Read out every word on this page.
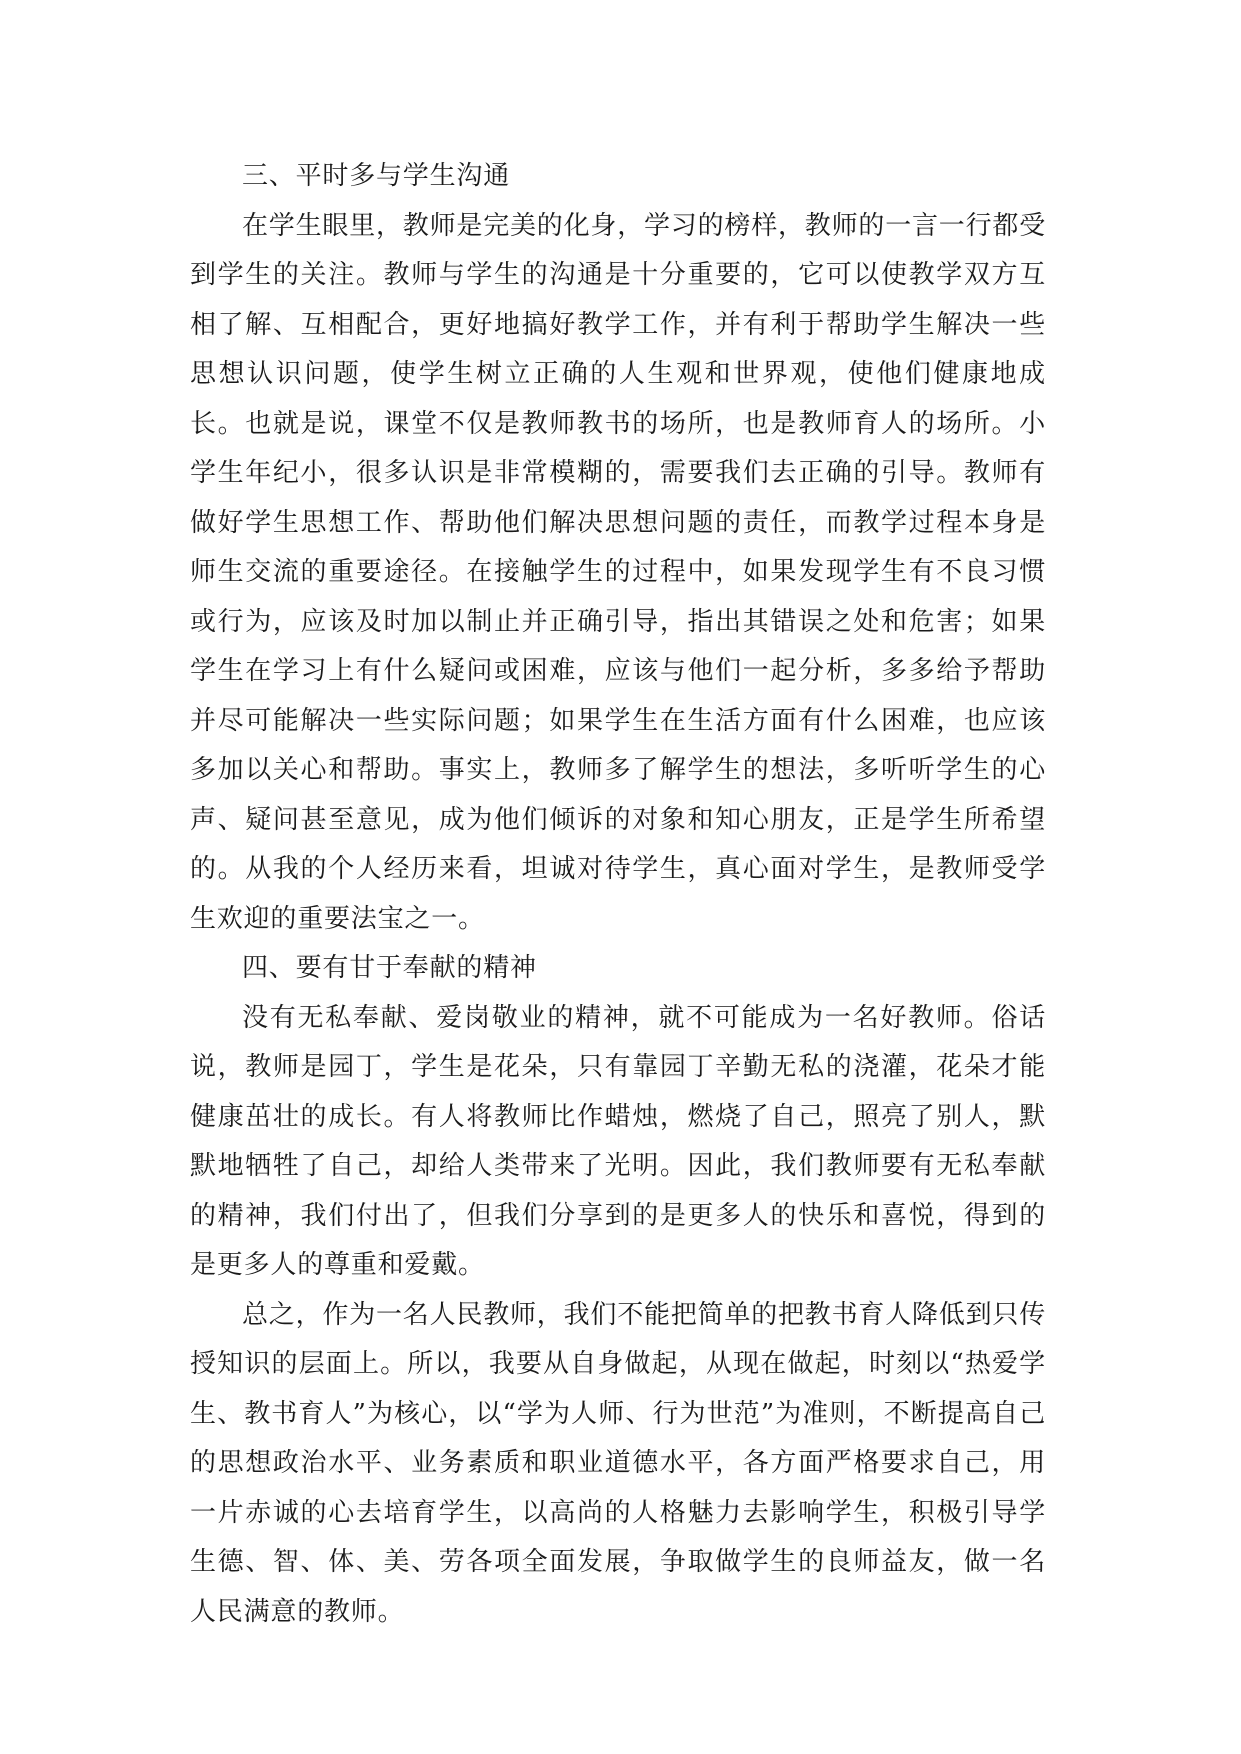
三、平时多与学生沟通

在学生眼里，教师是完美的化身，学习的榜样，教师的一言一行都受到学生的关注。教师与学生的沟通是十分重要的，它可以使教学双方互相了解、互相配合，更好地搞好教学工作，并有利于帮助学生解决一些思想认识问题，使学生树立正确的人生观和世界观，使他们健康地成长。也就是说，课堂不仅是教师教书的场所，也是教师育人的场所。小学生年纪小，很多认识是非常模糊的，需要我们去正确的引导。教师有做好学生思想工作、帮助他们解决思想问题的责任，而教学过程本身是师生交流的重要途径。在接触学生的过程中，如果发现学生有不良习惯或行为，应该及时加以制止并正确引导，指出其错误之处和危害；如果学生在学习上有什么疑问或困难，应该与他们一起分析，多多给予帮助并尽可能解决一些实际问题；如果学生在生活方面有什么困难，也应该多加以关心和帮助。事实上，教师多了解学生的想法，多听听学生的心声、疑问甚至意见，成为他们倾诉的对象和知心朋友，正是学生所希望的。从我的个人经历来看，坦诚对待学生，真心面对学生，是教师受学生欢迎的重要法宝之一。

四、要有甘于奉献的精神

没有无私奉献、爱岗敬业的精神，就不可能成为一名好教师。俗话说，教师是园丁，学生是花朵，只有靠园丁辛勤无私的浇灌，花朵才能健康茁壮的成长。有人将教师比作蜡烛，燃烧了自己，照亮了别人，默默地牺牲了自己，却给人类带来了光明。因此，我们教师要有无私奉献的精神，我们付出了，但我们分享到的是更多人的快乐和喜悦，得到的是更多人的尊重和爱戴。

总之，作为一名人民教师，我们不能把简单的把教书育人降低到只传授知识的层面上。所以，我要从自身做起，从现在做起，时刻以“热爱学生、教书育人”为核心，以“学为人师、行为世范”为准则，不断提高自己的思想政治水平、业务素质和职业道德水平，各方面严格要求自己，用一片赤诚的心去培育学生，以高尚的人格魅力去影响学生，积极引导学生德、智、体、美、劳各项全面发展，争取做学生的良师益友，做一名人民满意的教师。
